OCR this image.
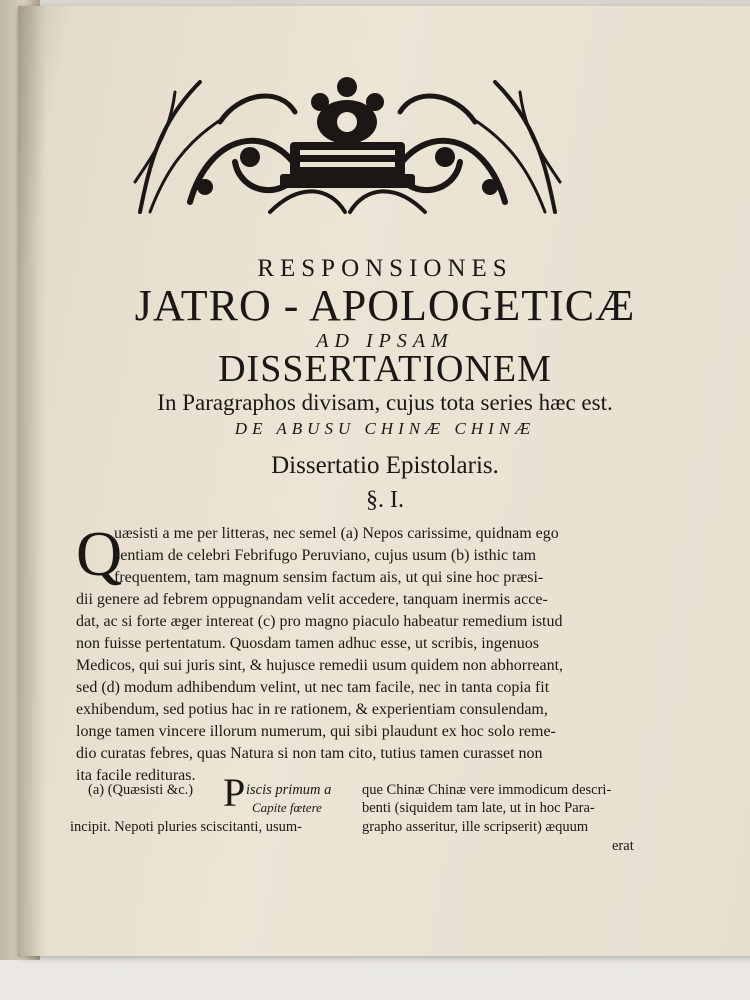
RESPONSIONES
JATRO - APOLOGETICÆ
AD IPSAM
DISSERTATIONEM
In Paragraphos divisam, cujus tota series hæc est.
DE ABUSU CHINÆ CHINÆ
Dissertatio Epistolaris.
§. I.
Q
uæsisti a me per litteras, nec semel (a) Nepos carissime, quidnam ego
sentiam de celebri Febrifugo Peruviano, cujus usum (b) isthic tam
frequentem, tam magnum sensim factum ais, ut qui sine hoc præsi-
dii genere ad febrem oppugnandam velit accedere, tanquam inermis acce-
dat, ac si forte æger intereat (c) pro magno piaculo habeatur remedium istud
non fuisse pertentatum. Quosdam tamen adhuc esse, ut scribis, ingenuos
Medicos, qui sui juris sint, & hujusce remedii usum quidem non abhorreant,
sed (d) modum adhibendum velint, ut nec tam facile, nec in tanta copia fit
exhibendum, sed potius hac in re rationem, & experientiam consulendam,
longe tamen vincere illorum numerum, qui sibi plaudunt ex hoc solo reme-
dio curatas febres, quas Natura si non tam cito, tutius tamen curasset non
ita facile redituras.
(a) (Quæsisti &c.) P iscis primum a
Capite fœtere
incipit. Nepoti pluries sciscitanti, usum-
que Chinæ Chinæ vere immodicum descri-
benti (siquidem tam late, ut in hoc Para-
grapho asseritur, ille scripserit) æquum
erat
